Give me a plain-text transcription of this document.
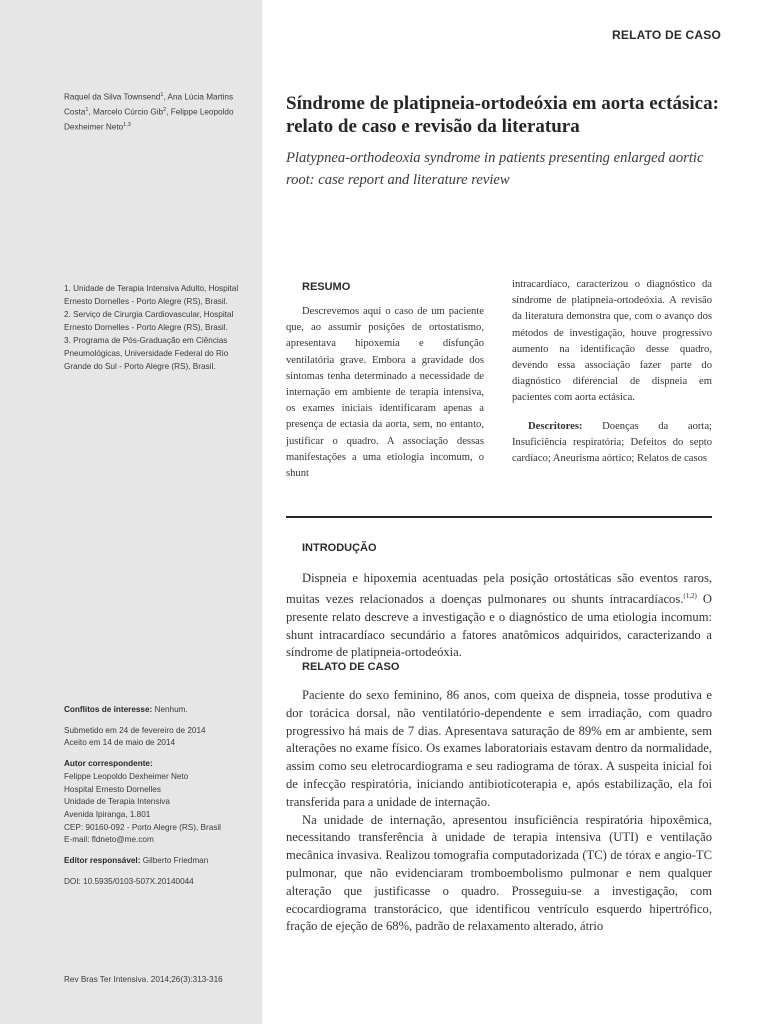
RELATO DE CASO
Raquel da Silva Townsend$^1$, Ana Lúcia Martins Costa$^1$, Marcelo Cúrcio Gib$^2$, Felippe Leopoldo Dexheimer Neto$^{1,3}$

1. Unidade de Terapia Intensiva Adulto, Hospital Ernesto Dornelles - Porto Alegre (RS), Brasil.

2. Serviço de Cirurgia Cardiovascular, Hospital Ernesto Dornelles - Porto Alegre (RS), Brasil.

3. Programa de Pós-Graduação em Ciências Pneumológicas, Universidade Federal do Rio Grande do Sul - Porto Alegre (RS), Brasil.

Conflitos de interesse: Nenhum.

Submetido em 24 de fevereiro de 2014

Aceito em 14 de maio de 2014

Autor correspondente:

Felippe Leopoldo Dexheimer Neto

Hospital Ernesto Dornelles

Unidade de Terapia Intensiva

Avenida Ipiranga, 1.801

CEP: 90160-092 - Porto Alegre (RS), Brasil

E-mail: fldneto@me.com

Editor responsável: Gilberto Friedman

DOI: 10.5935/0103-507X.20140044

Rev Bras Ter Intensiva. 2014;26(3):313-316
Síndrome de platipneia-ortodeóxia em aorta ectásica: relato de caso e revisão da literatura

Platypnea-orthodeoxia syndrome in patients presenting enlarged aortic root: case report and literature review

RESUMO

Descrevemos aqui o caso de um paciente que, ao assumir posições de ortostatismo, apresentava hipoxemia e disfunção ventilatória grave. Embora a gravidade dos sintomas tenha determinado a necessidade de internação em ambiente de terapia intensiva, os exames iniciais identificaram apenas a presença de ectasia da aorta, sem, no entanto, justificar o quadro. A associação dessas manifestações a uma etiologia incomum, o shunt

intracardíaco, caracterizou o diagnóstico da síndrome de platipneia-ortodeóxia. A revisão da literatura demonstra que, com o avanço dos métodos de investigação, houve progressivo aumento na identificação desse quadro, devendo essa associação fazer parte do diagnóstico diferencial de dispneia em pacientes com aorta ectásica.

Descritores: Doenças da aorta; Insuficiência respiratória; Defeitos do septo cardíaco; Aneurisma aórtico; Relatos de casos

INTRODUÇÃO

Dispneia e hipoxemia acentuadas pela posição ortostáticas são eventos raros, muitas vezes relacionados a doenças pulmonares ou shunts intracardíacos.$^{(1,2)}$ O presente relato descreve a investigação e o diagnóstico de uma etiologia incomum: shunt intracardíaco secundário a fatores anatômicos adquiridos, caracterizando a síndrome de platipneia-ortodeóxia.

RELATO DE CASO

Paciente do sexo feminino, 86 anos, com queixa de dispneia, tosse produtiva e dor torácica dorsal, não ventilatório-dependente e sem irradiação, com quadro progressivo há mais de 7 dias. Apresentava saturação de 89% em ar ambiente, sem alterações no exame físico. Os exames laboratoriais estavam dentro da normalidade, assim como seu eletrocardiograma e seu radiograma de tórax. A suspeita inicial foi de infecção respiratória, iniciando antibioticoterapia e, após estabilização, ela foi transferida para a unidade de internação.

Na unidade de internação, apresentou insuficiência respiratória hipoxêmica, necessitando transferência à unidade de terapia intensiva (UTI) e ventilação mecânica invasiva. Realizou tomografia computadorizada (TC) de tórax e angio-TC pulmonar, que não evidenciaram tromboembolismo pulmonar e nem qualquer alteração que justificasse o quadro. Prosseguiu-se a investigação, com ecocardiograma transtorácico, que identificou ventrículo esquerdo hipertrófico, fração de ejeção de 68%, padrão de relaxamento alterado, átrio
